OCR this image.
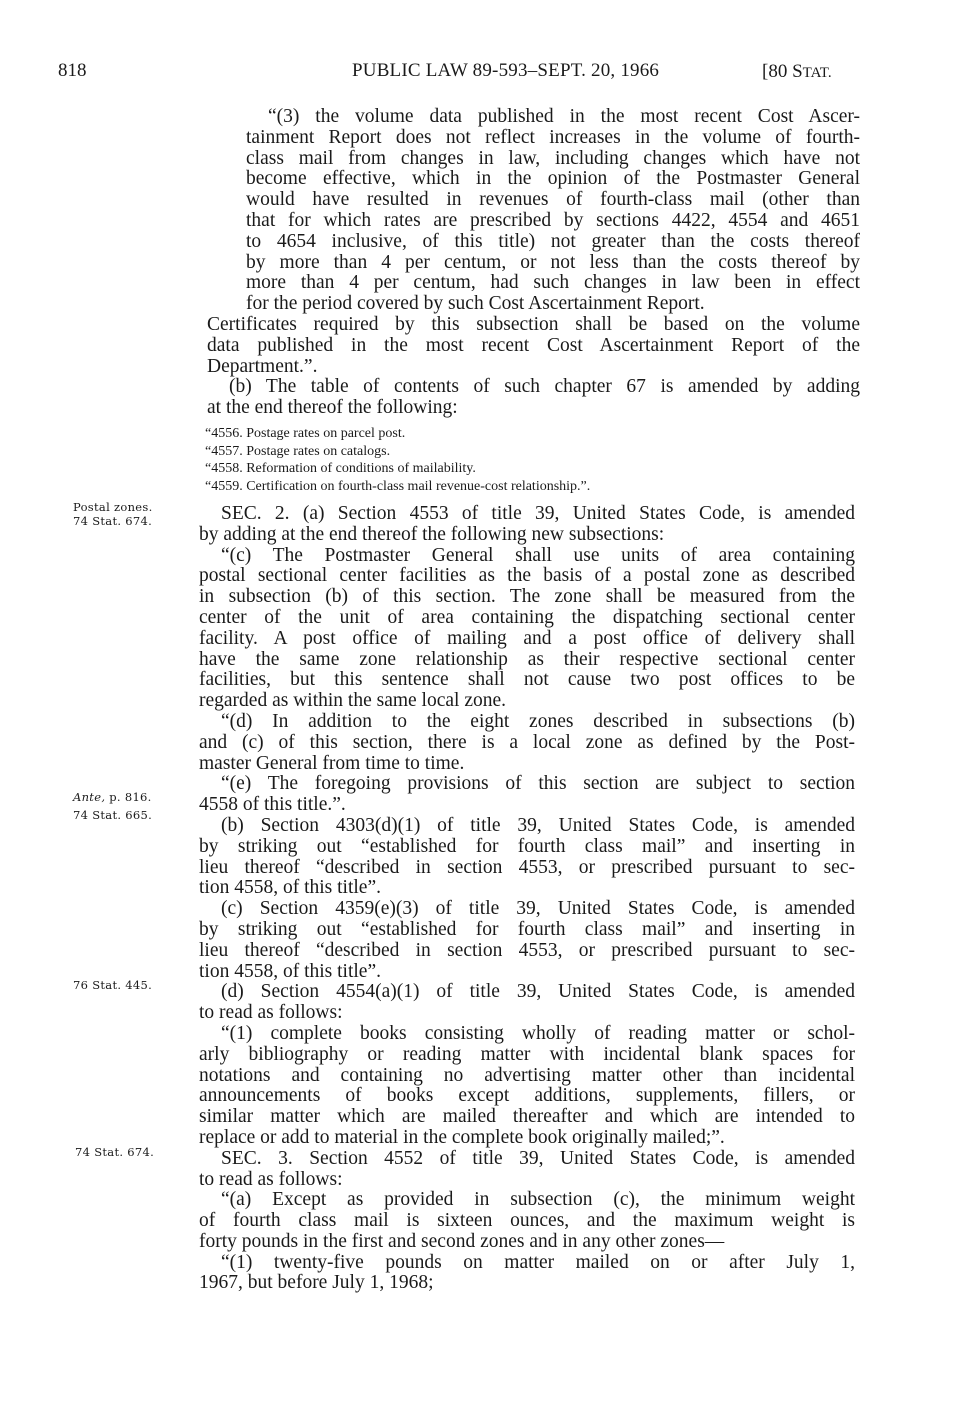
818	PUBLIC LAW 89-593–SEPT. 20, 1966	[80 STAT.
“(3) the volume data published in the most recent Cost Ascer-
tainment Report does not reflect increases in the volume of fourth-
class mail from changes in law, including changes which have not
become effective, which in the opinion of the Postmaster General
would have resulted in revenues of fourth-class mail (other than
that for which rates are prescribed by sections 4422, 4554 and 4651
to 4654 inclusive, of this title) not greater than the costs thereof
by more than 4 per centum, or not less than the costs thereof by
more than 4 per centum, had such changes in law been in effect
for the period covered by such Cost Ascertainment Report.
Certificates required by this subsection shall be based on the volume
data published in the most recent Cost Ascertainment Report of the
Department.”.
(b) The table of contents of such chapter 67 is amended by adding
at the end thereof the following:
“4556. Postage rates on parcel post.
“4557. Postage rates on catalogs.
“4558. Reformation of conditions of mailability.
“4559. Certification on fourth-class mail revenue-cost relationship.”.
SEC. 2. (a) Section 4553 of title 39, United States Code, is amended
by adding at the end thereof the following new subsections:
“(c) The Postmaster General shall use units of area containing
postal sectional center facilities as the basis of a postal zone as described
in subsection (b) of this section. The zone shall be measured from the
center of the unit of area containing the dispatching sectional center
facility. A post office of mailing and a post office of delivery shall
have the same zone relationship as their respective sectional center
facilities, but this sentence shall not cause two post offices to be
regarded as within the same local zone.
“(d) In addition to the eight zones described in subsections (b)
and (c) of this section, there is a local zone as defined by the Post-
master General from time to time.
“(e) The foregoing provisions of this section are subject to section
4558 of this title.”.
(b) Section 4303(d)(1) of title 39, United States Code, is amended
by striking out “established for fourth class mail” and inserting in
lieu thereof “described in section 4553, or prescribed pursuant to sec-
tion 4558, of this title”.
(c) Section 4359(e)(3) of title 39, United States Code, is amended
by striking out “established for fourth class mail” and inserting in
lieu thereof “described in section 4553, or prescribed pursuant to sec-
tion 4558, of this title”.
(d) Section 4554(a)(1) of title 39, United States Code, is amended
to read as follows:
“(1) complete books consisting wholly of reading matter or schol-
arly bibliography or reading matter with incidental blank spaces for
notations and containing no advertising matter other than incidental
announcements of books except additions, supplements, fillers, or
similar matter which are mailed thereafter and which are intended to
replace or add to material in the complete book originally mailed;”.
SEC. 3. Section 4552 of title 39, United States Code, is amended
to read as follows:
“(a) Except as provided in subsection (c), the minimum weight
of fourth class mail is sixteen ounces, and the maximum weight is
forty pounds in the first and second zones and in any other zones—
“(1) twenty-five pounds on matter mailed on or after July 1,
1967, but before July 1, 1968;
Postal zones.
74 Stat. 674.
Ante, p. 816.
74 Stat. 665.
76 Stat. 445.
74 Stat. 674.
